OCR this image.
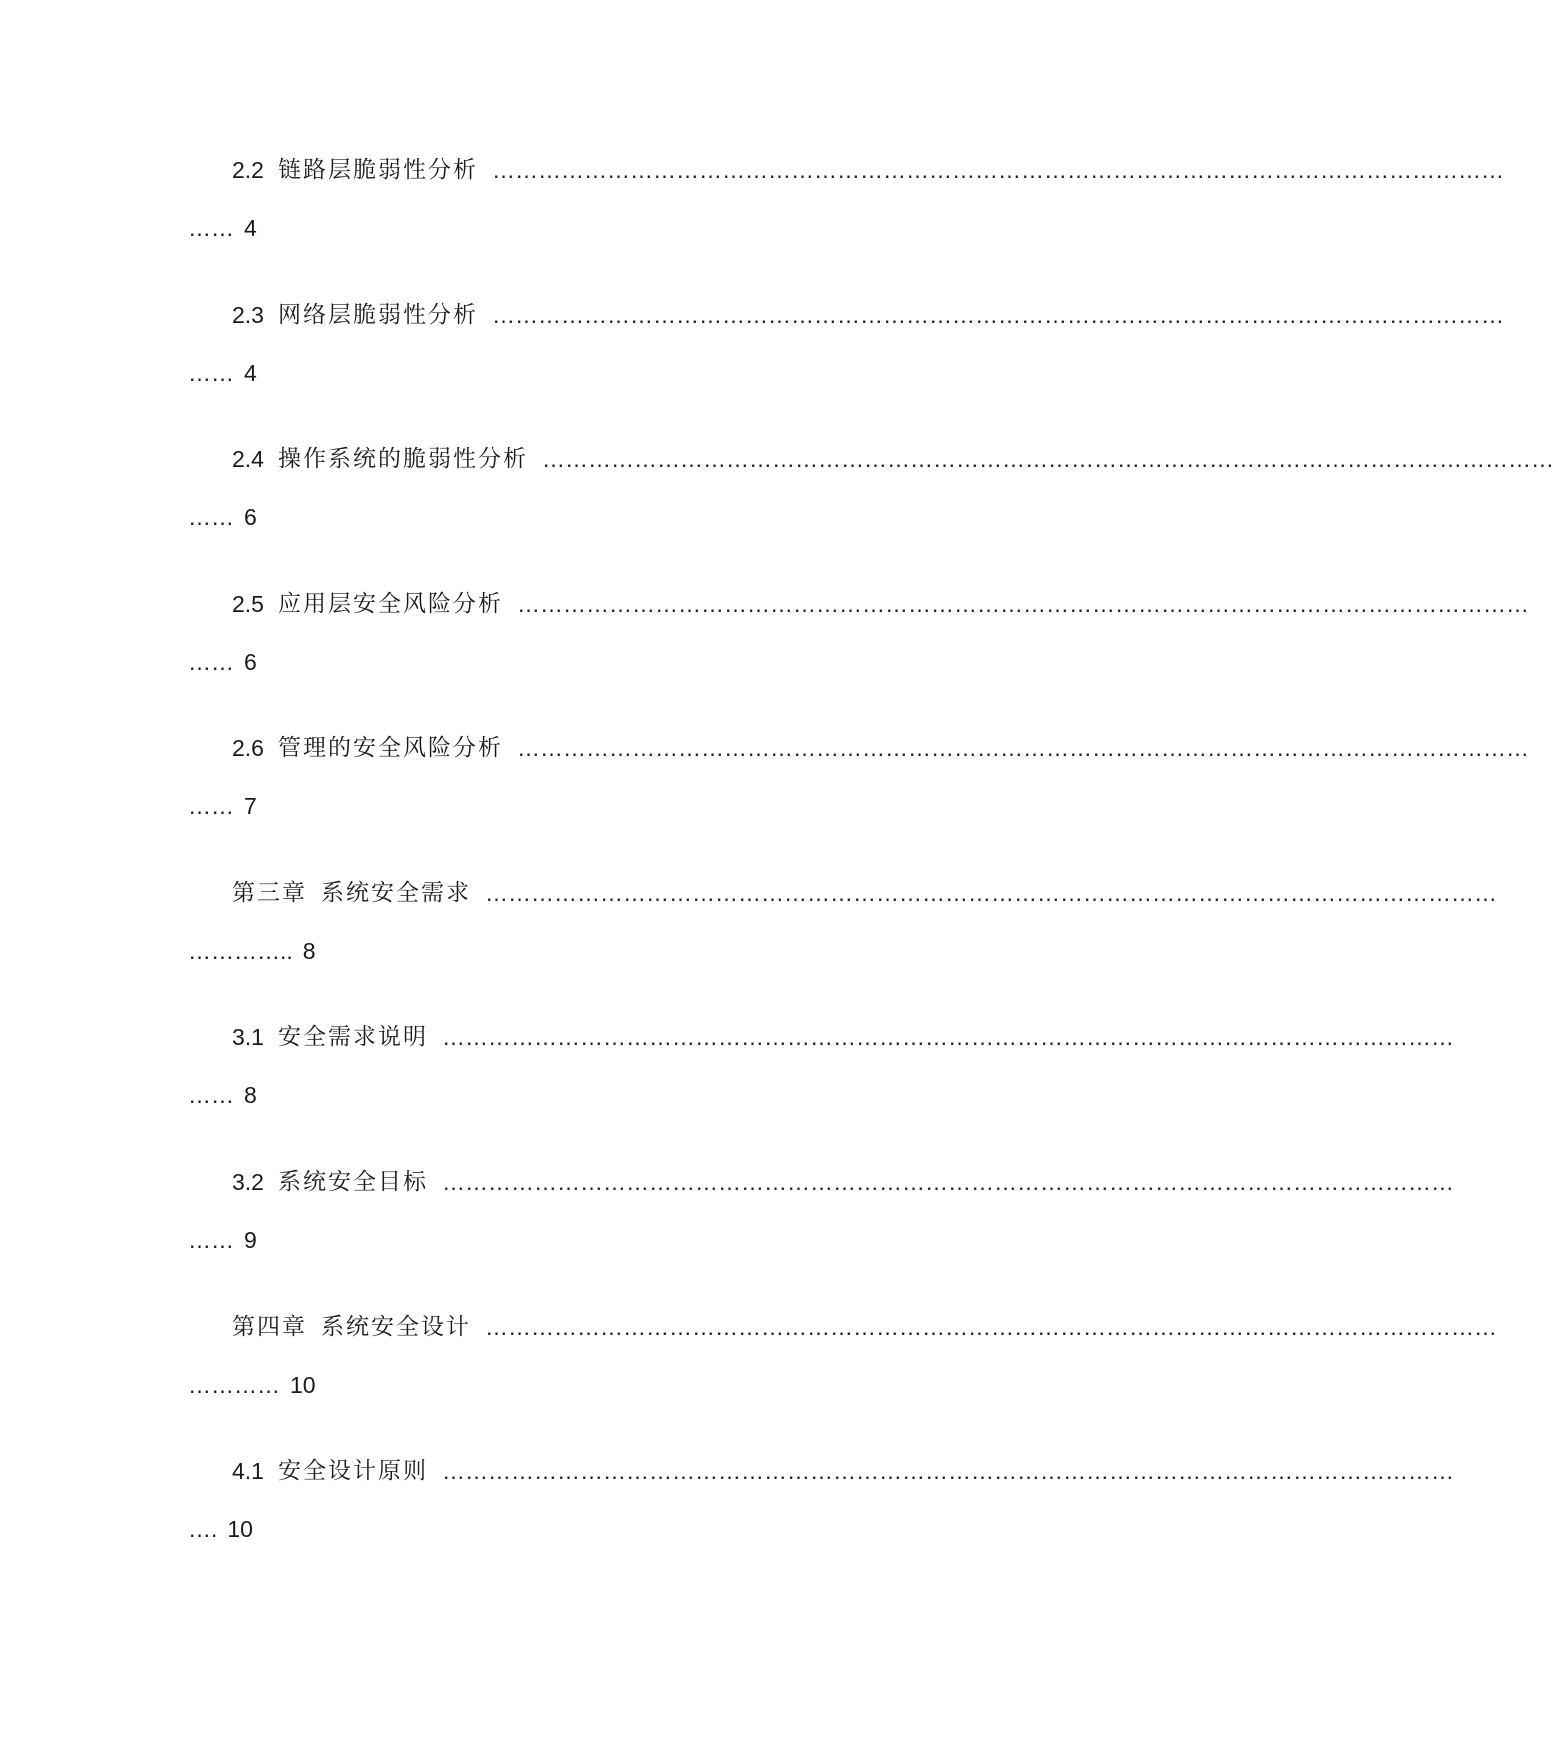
2.2 链路层脆弱性分析 ……………………………………………………………………………………………………………………
…… 4
2.3 网络层脆弱性分析 ……………………………………………………………………………………………………………………
…… 4
2.4 操作系统的脆弱性分析 ……………………………………………………………………………………………………………………
…… 6
2.5 应用层安全风险分析 ……………………………………………………………………………………………………………………
…… 6
2.6 管理的安全风险分析 ……………………………………………………………………………………………………………………
…… 7
第三章 系统安全需求 ……………………………………………………………………………………………………………………
………….. 8
3.1 安全需求说明 ……………………………………………………………………………………………………………………
…… 8
3.2 系统安全目标 ……………………………………………………………………………………………………………………
…… 9
第四章 系统安全设计 ……………………………………………………………………………………………………………………
………… 10
4.1 安全设计原则 ……………………………………………………………………………………………………………………
…. 10
